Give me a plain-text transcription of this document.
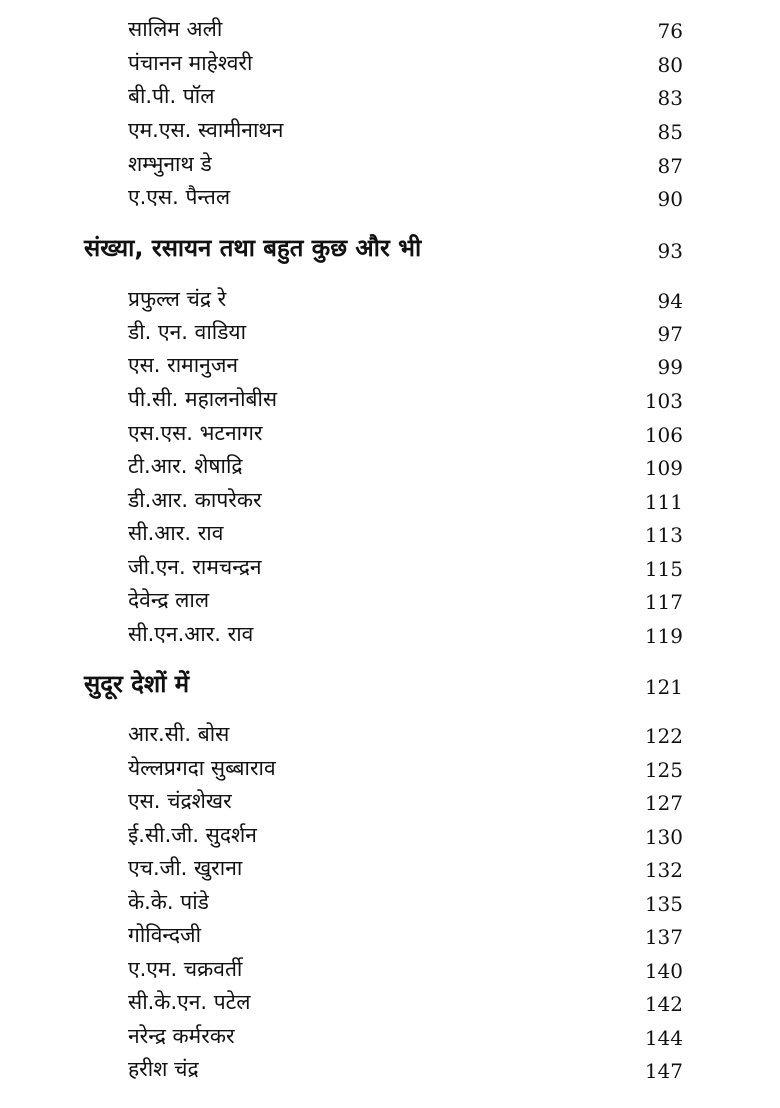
सालिम अली	76
पंचानन माहेश्वरी	80
बी.पी. पॉल	83
एम.एस. स्वामीनाथन	85
शम्भुनाथ डे	87
ए.एस. पैन्तल	90
संख्या, रसायन तथा बहुत कुछ और भी	93
प्रफुल्ल चंद्र रे	94
डी. एन. वाडिया	97
एस. रामानुजन	99
पी.सी. महालनोबीस	103
एस.एस. भटनागर	106
टी.आर. शेषाद्रि	109
डी.आर. कापरेकर	111
सी.आर. राव	113
जी.एन. रामचन्द्रन	115
देवेन्द्र लाल	117
सी.एन.आर. राव	119
सुदूर देशों में	121
आर.सी. बोस	122
येल्लप्रगदा सुब्बाराव	125
एस. चंद्रशेखर	127
ई.सी.जी. सुदर्शन	130
एच.जी. खुराना	132
के.के. पांडे	135
गोविन्दजी	137
ए.एम. चक्रवर्ती	140
सी.के.एन. पटेल	142
नरेन्द्र कर्मरकर	144
हरीश चंद्र	147
